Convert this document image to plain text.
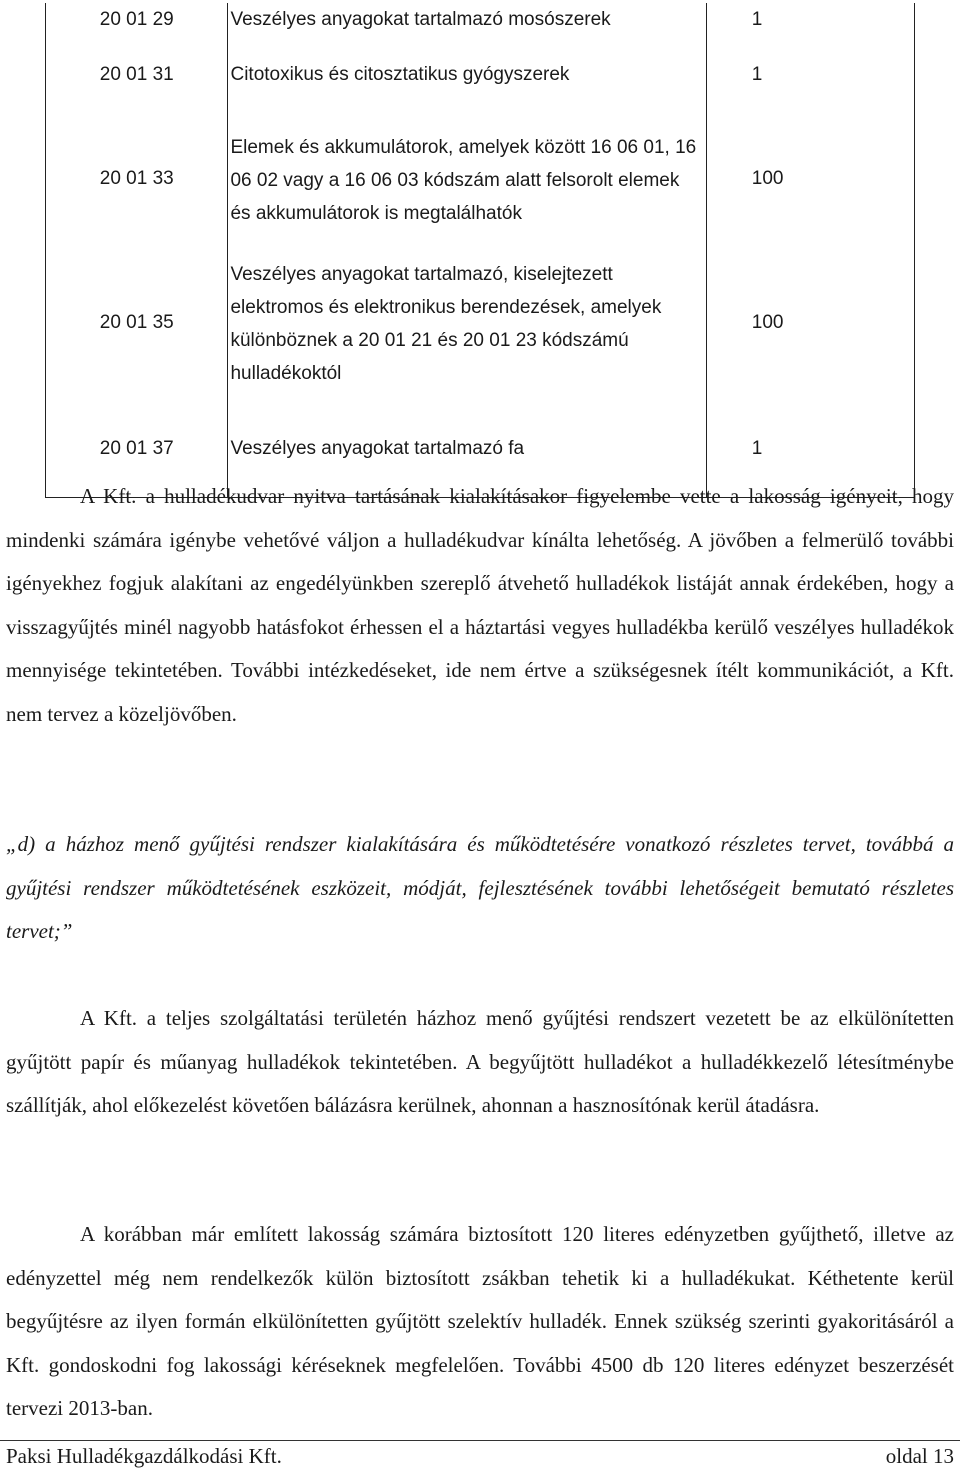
20 01 29	Veszélyes anyagokat tartalmazó mosószerek	1
20 01 31	Citotoxikus és citosztatikus gyógyszerek	1
20 01 33	Elemek és akkumulátorok, amelyek között 16 06 01, 16 06 02 vagy a 16 06 03 kódszám alatt felsorolt elemek és akkumulátorok is megtalálhatók	100
20 01 35	Veszélyes anyagokat tartalmazó, kiselejtezett elektromos és elektronikus berendezések, amelyek különböznek a 20 01 21 és 20 01 23 kódszámú hulladékoktól	100
20 01 37	Veszélyes anyagokat tartalmazó fa	1

A Kft. a hulladékudvar nyitva tartásának kialakításakor figyelembe vette a lakosság igényeit, hogy mindenki számára igénybe vehetővé váljon a hulladékudvar kínálta lehetőség. A jövőben a felmerülő további igényekhez fogjuk alakítani az engedélyünkben szereplő átvehető hulladékok listáját annak érdekében, hogy a visszagyűjtés minél nagyobb hatásfokot érhessen el a háztartási vegyes hulladékba kerülő veszélyes hulladékok mennyisége tekintetében. További intézkedéseket, ide nem értve a szükségesnek ítélt kommunikációt, a Kft. nem tervez a közeljövőben.

„d) a házhoz menő gyűjtési rendszer kialakítására és működtetésére vonatkozó részletes tervet, továbbá a gyűjtési rendszer működtetésének eszközeit, módját, fejlesztésének további lehetőségeit bemutató részletes tervet;”

A Kft. a teljes szolgáltatási területén házhoz menő gyűjtési rendszert vezetett be az elkülönítetten gyűjtött papír és műanyag hulladékok tekintetében. A begyűjtött hulladékot a hulladékkezelő létesítménybe szállítják, ahol előkezelést követően bálázásra kerülnek, ahonnan a hasznosítónak kerül átadásra.

A korábban már említett lakosság számára biztosított 120 literes edényzetben gyűjthető, illetve az edényzettel még nem rendelkezők külön biztosított zsákban tehetik ki a hulladékukat. Kéthetente kerül begyűjtésre az ilyen formán elkülönítetten gyűjtött szelektív hulladék. Ennek szükség szerinti gyakoritásáról a Kft. gondoskodni fog lakossági kéréseknek megfelelően. További 4500 db 120 literes edényzet beszerzését tervezi 2013-ban.

Paksi Hulladékgazdálkodási Kft.	oldal 13
